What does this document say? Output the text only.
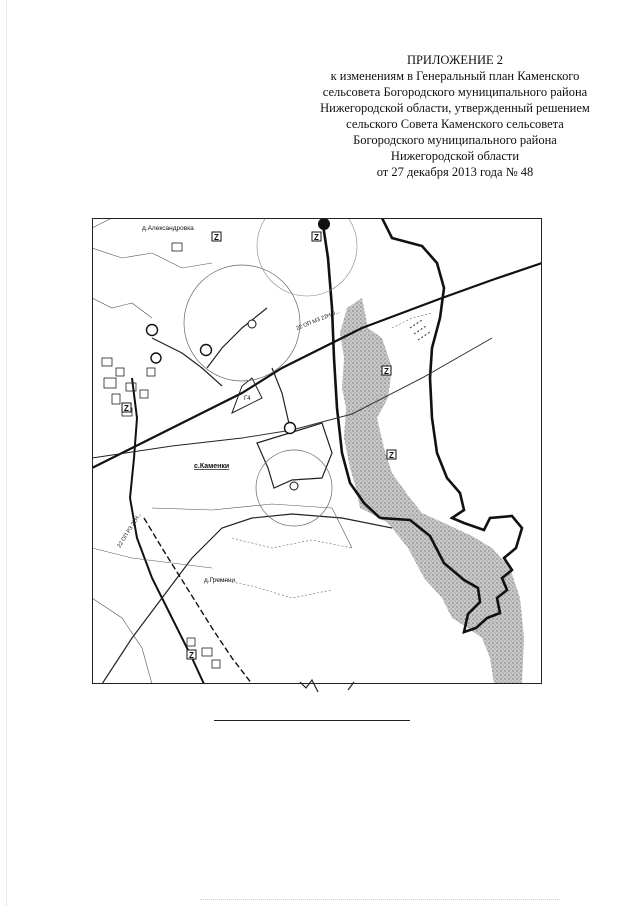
ПРИЛОЖЕНИЕ 2
к изменениям в Генеральный план Каменского
сельсовета Богородского муниципального района
Нижегородской области, утвержденный решением
сельского Совета Каменского сельсовета
Богородского муниципального района
Нижегородской области
от 27 декабря 2013 года № 48
Z	Z
Z
Z
Z
Z
д.Александровка
с.Каменки
д.Гремячи
22 ОП МЗ 22Н-0...
Г4
22 ОП РЗ 22Н...
